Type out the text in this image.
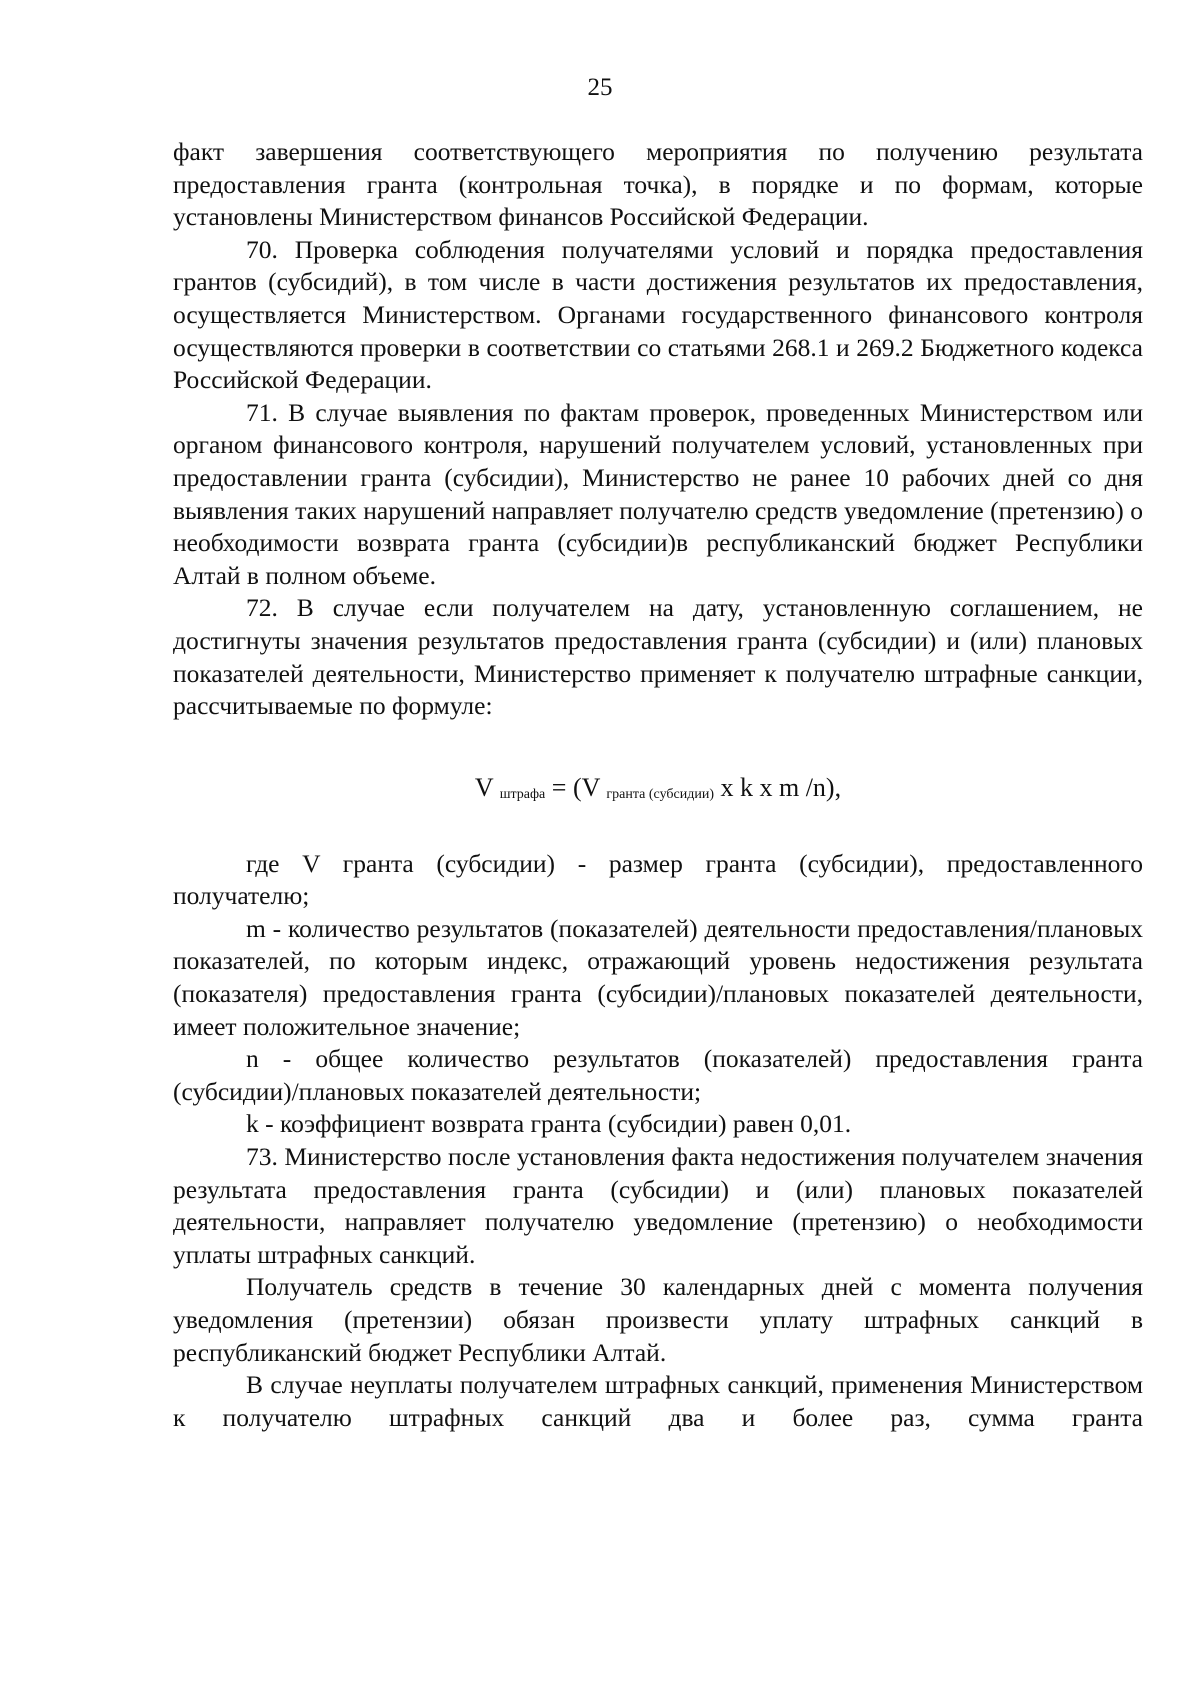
25

факт завершения соответствующего мероприятия по получению результата предоставления гранта (контрольная точка), в порядке и по формам, которые установлены Министерством финансов Российской Федерации.

70. Проверка соблюдения получателями условий и порядка предоставления грантов (субсидий), в том числе в части достижения результатов их предоставления, осуществляется Министерством. Органами государственного финансового контроля осуществляются проверки в соответствии со статьями 268.1 и 269.2 Бюджетного кодекса Российской Федерации.

71. В случае выявления по фактам проверок, проведенных Министерством или органом финансового контроля, нарушений получателем условий, установленных при предоставлении гранта (субсидии), Министерство не ранее 10 рабочих дней со дня выявления таких нарушений направляет получателю средств уведомление (претензию) о необходимости возврата гранта (субсидии)в республиканский бюджет Республики Алтай в полном объеме.

72. В случае если получателем на дату, установленную соглашением, не достигнуты значения результатов предоставления гранта (субсидии) и (или) плановых показателей деятельности, Министерство применяет к получателю штрафные санкции, рассчитываемые по формуле:

V штрафа = (V гранта (субсидии) x k x m /n),

где V гранта (субсидии) - размер гранта (субсидии), предоставленного получателю;

m - количество результатов (показателей) деятельности предоставления/плановых показателей, по которым индекс, отражающий уровень недостижения результата (показателя) предоставления гранта (субсидии)/плановых показателей деятельности, имеет положительное значение;

n - общее количество результатов (показателей) предоставления гранта (субсидии)/плановых показателей деятельности;

k - коэффициент возврата гранта (субсидии) равен 0,01.

73. Министерство после установления факта недостижения получателем значения результата предоставления гранта (субсидии) и (или) плановых показателей деятельности, направляет получателю уведомление (претензию) о необходимости уплаты штрафных санкций.

Получатель средств в течение 30 календарных дней с момента получения уведомления (претензии) обязан произвести уплату штрафных санкций в республиканский бюджет Республики Алтай.

В случае неуплаты получателем штрафных санкций, применения Министерством к получателю штрафных санкций два и более раз, сумма гранта
